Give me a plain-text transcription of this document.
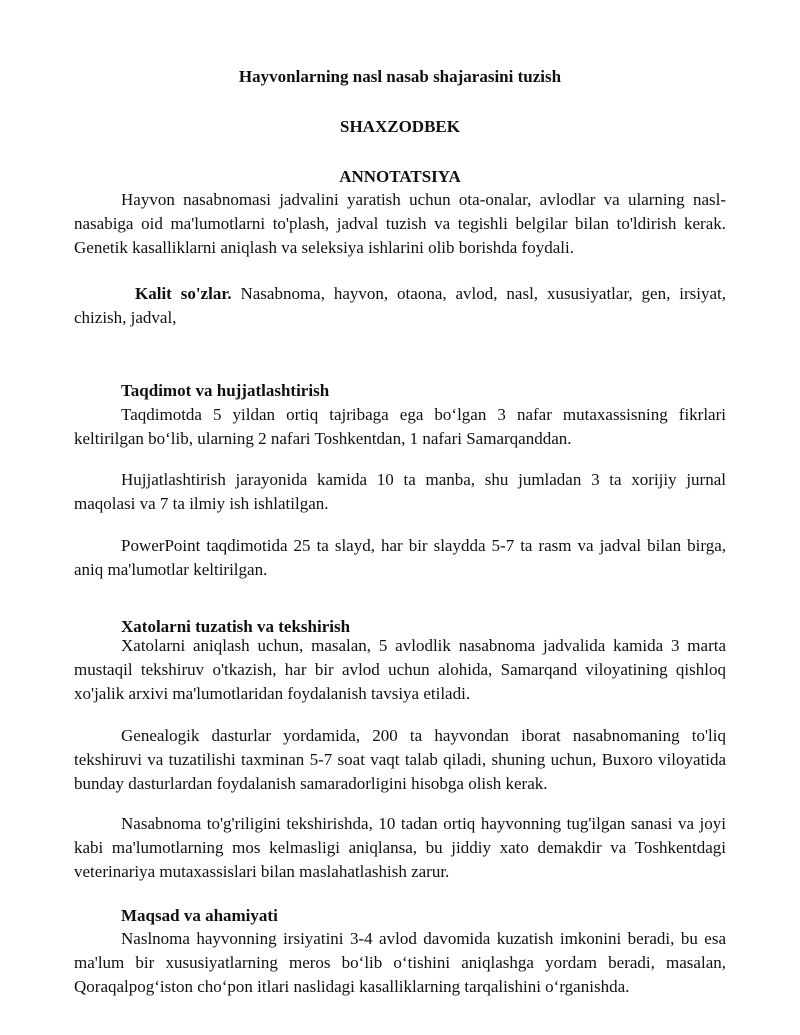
Hayvonlarning nasl nasab shajarasini tuzish
SHAXZODBEK
ANNOTATSIYA
Hayvon nasabnomasi jadvalini yaratish uchun ota-onalar, avlodlar va ularning nasl-nasabiga oid ma'lumotlarni to'plash, jadval tuzish va tegishli belgilar bilan to'ldirish kerak. Genetik kasalliklarni aniqlash va seleksiya ishlarini olib borishda foydali.
Kalit so'zlar. Nasabnoma, hayvon, otaona, avlod, nasl, xususiyatlar, gen, irsiyat, chizish, jadval,
Taqdimot va hujjatlashtirish
Taqdimotda 5 yildan ortiq tajribaga ega bo‘lgan 3 nafar mutaxassisning fikrlari keltirilgan bo‘lib, ularning 2 nafari Toshkentdan, 1 nafari Samarqanddan.
Hujjatlashtirish jarayonida kamida 10 ta manba, shu jumladan 3 ta xorijiy jurnal maqolasi va 7 ta ilmiy ish ishlatilgan.
PowerPoint taqdimotida 25 ta slayd, har bir slaydda 5-7 ta rasm va jadval bilan birga, aniq ma'lumotlar keltirilgan.
Xatolarni tuzatish va tekshirish
Xatolarni aniqlash uchun, masalan, 5 avlodlik nasabnoma jadvalida kamida 3 marta mustaqil tekshiruv o'tkazish, har bir avlod uchun alohida, Samarqand viloyatining qishloq xo'jalik arxivi ma'lumotlaridan foydalanish tavsiya etiladi.
Genealogik dasturlar yordamida, 200 ta hayvondan iborat nasabnomaning to'liq tekshiruvi va tuzatilishi taxminan 5-7 soat vaqt talab qiladi, shuning uchun, Buxoro viloyatida bunday dasturlardan foydalanish samaradorligini hisobga olish kerak.
Nasabnoma to'g'riligini tekshirishda, 10 tadan ortiq hayvonning tug'ilgan sanasi va joyi kabi ma'lumotlarning mos kelmasligi aniqlansa, bu jiddiy xato demakdir va Toshkentdagi veterinariya mutaxassislari bilan maslahatlashish zarur.
Maqsad va ahamiyati
Naslnoma hayvonning irsiyatini 3-4 avlod davomida kuzatish imkonini beradi, bu esa ma'lum bir xususiyatlarning meros bo‘lib o‘tishini aniqlashga yordam beradi, masalan, Qoraqalpog‘iston cho‘pon itlari naslidagi kasalliklarning tarqalishini o‘rganishda.
